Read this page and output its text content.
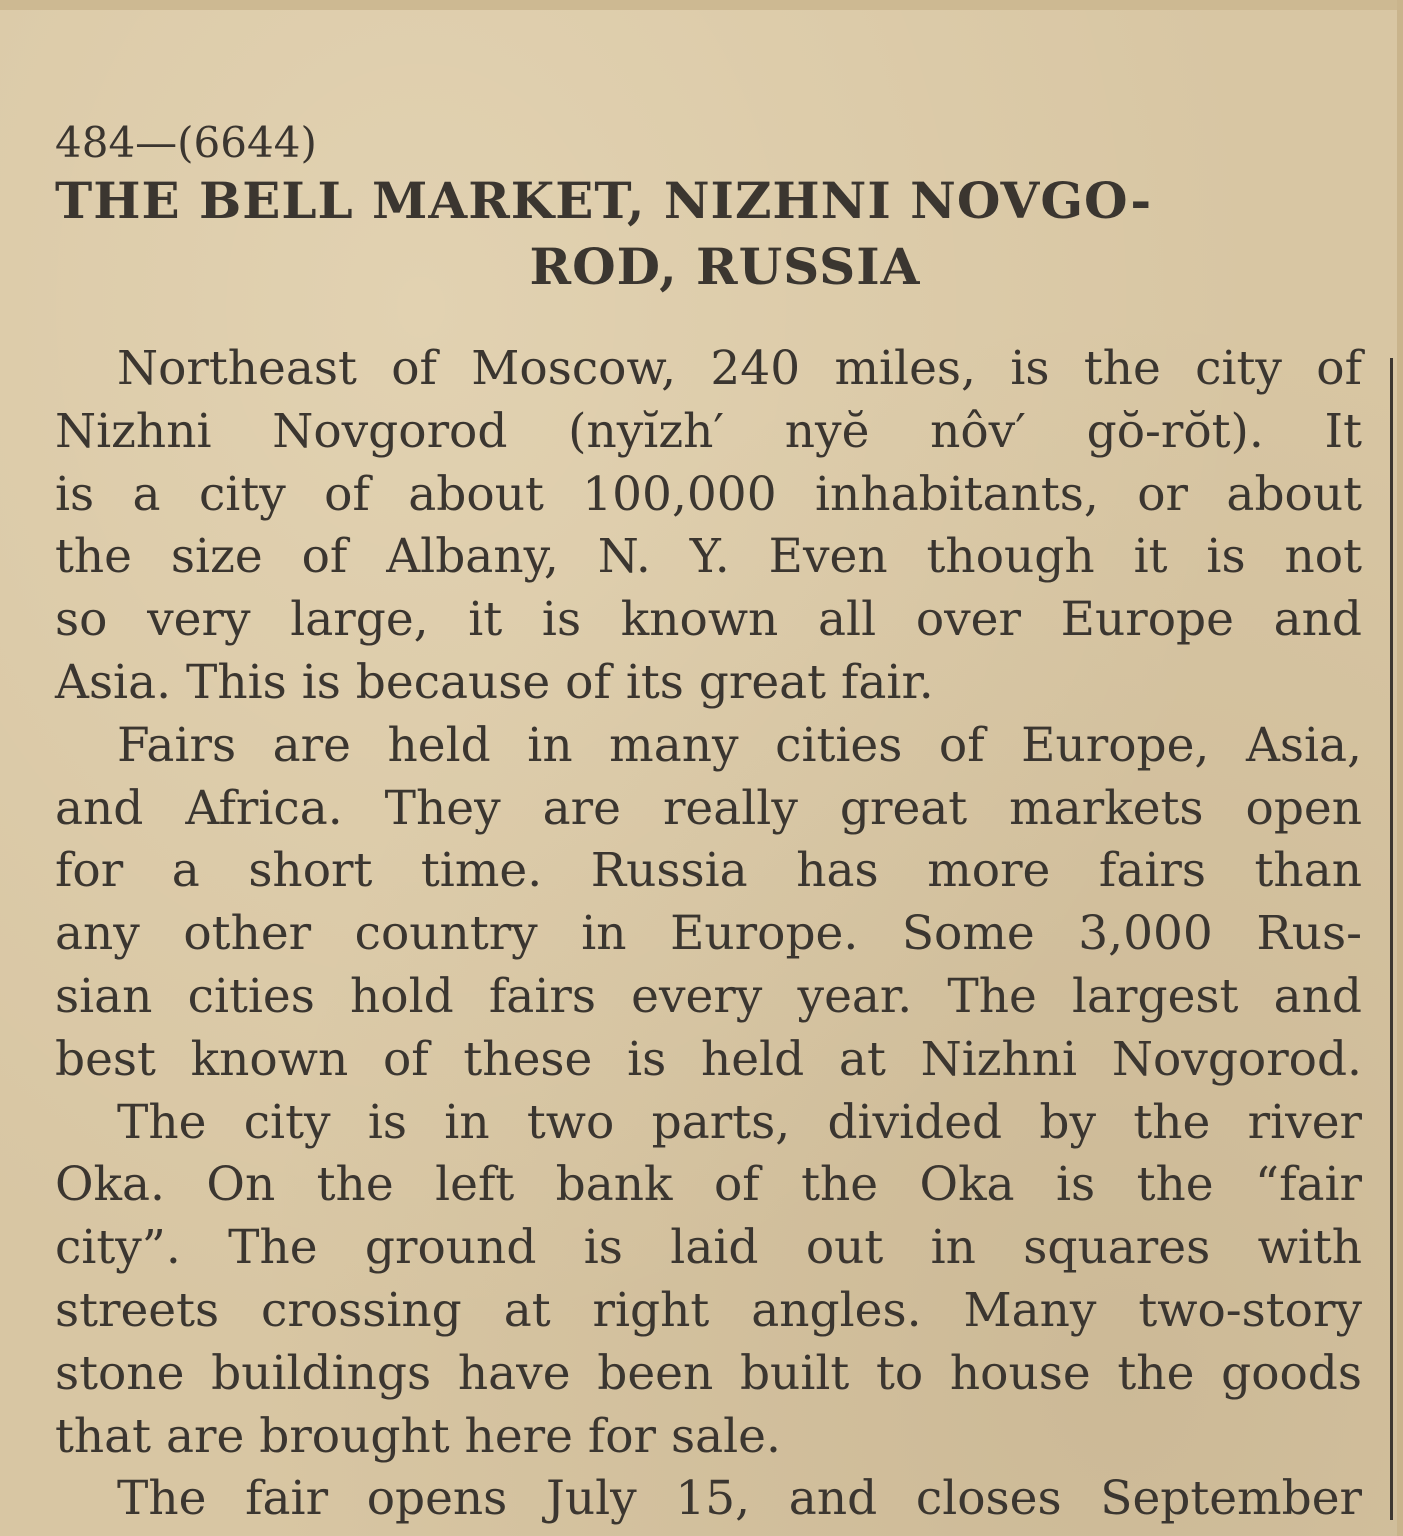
484—(6644)
THE BELL MARKET, NIZHNI NOVGO-
ROD, RUSSIA
Northeast of Moscow, 240 miles, is the city of
Nizhni Novgorod (nyĭzh′ nyĕ nôv′ gŏ-rŏt). It
is a city of about 100,000 inhabitants, or about
the size of Albany, N. Y. Even though it is not
so very large, it is known all over Europe and
Asia. This is because of its great fair.
Fairs are held in many cities of Europe, Asia,
and Africa. They are really great markets open
for a short time. Russia has more fairs than
any other country in Europe. Some 3,000 Rus-
sian cities hold fairs every year. The largest and
best known of these is held at Nizhni Novgorod.
The city is in two parts, divided by the river
Oka. On the left bank of the Oka is the “fair
city”. The ground is laid out in squares with
streets crossing at right angles. Many two-story
stone buildings have been built to house the goods
that are brought here for sale.
The fair opens July 15, and closes September
